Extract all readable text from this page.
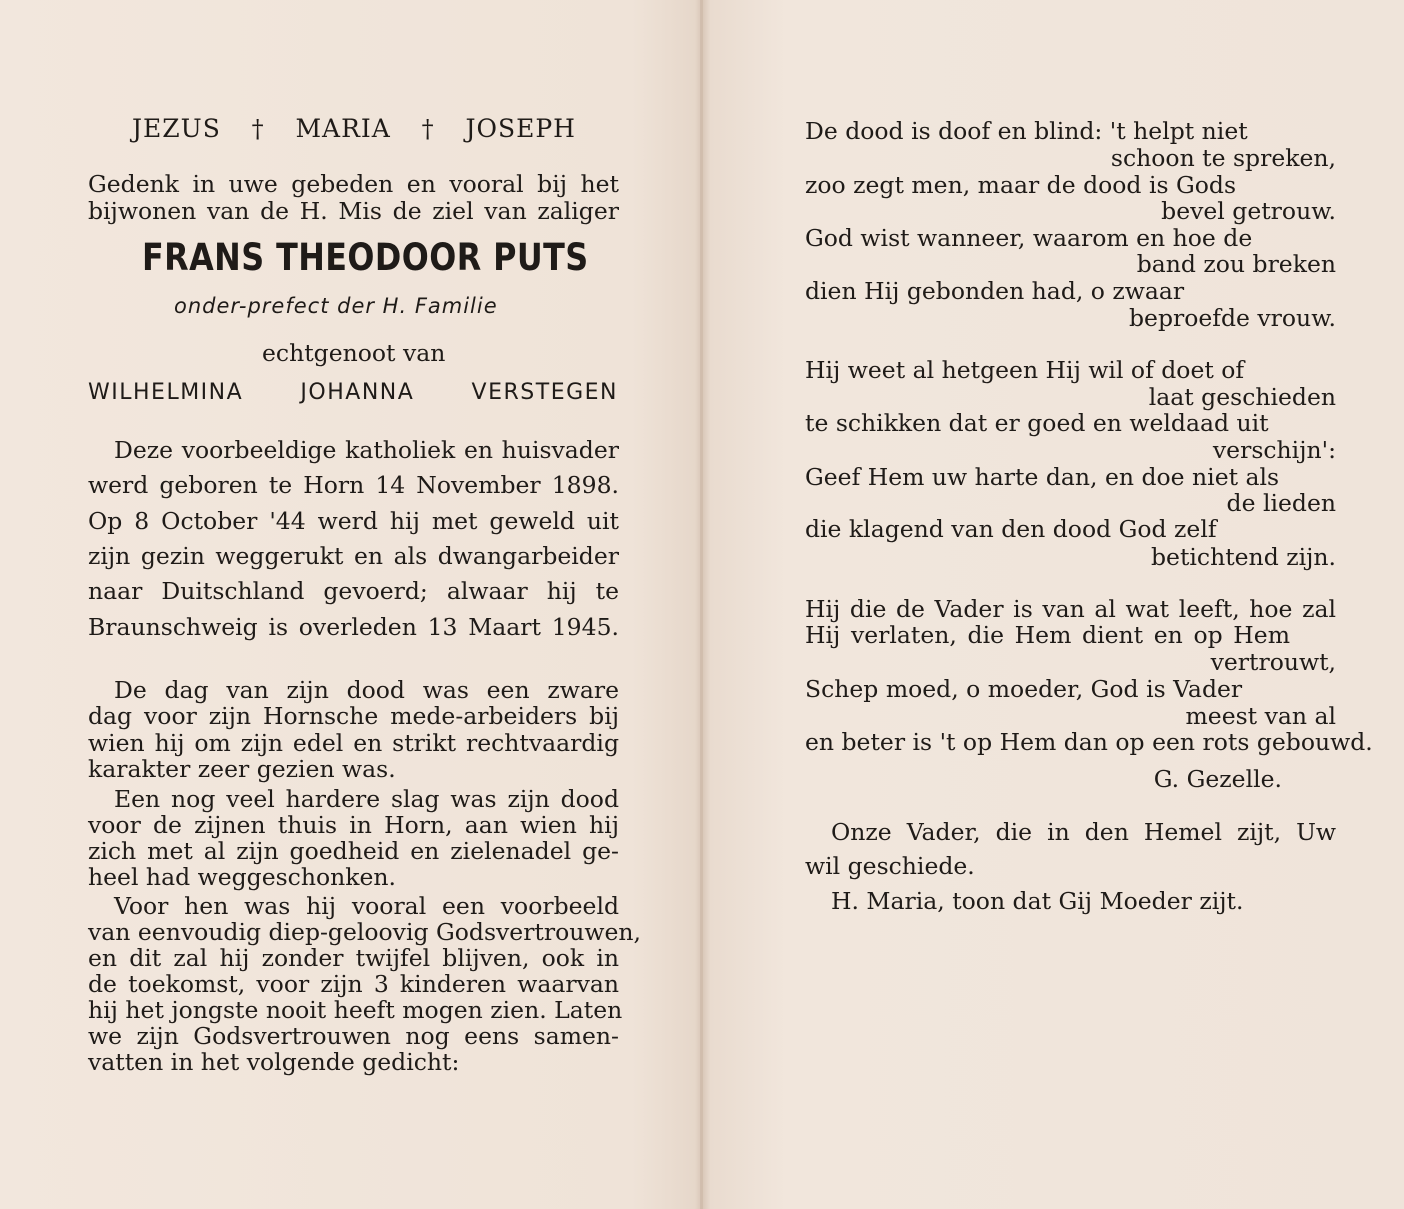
JEZUS † MARIA † JOSEPH
Gedenk in uwe gebeden en vooral bij het
bijwonen van de H. Mis de ziel van zaliger
FRANS THEODOOR PUTS
onder-prefect der H. Familie
echtgenoot van
WILHELMINA JOHANNA VERSTEGEN
Deze voorbeeldige katholiek en huisvader
werd geboren te Horn 14 November 1898.
Op 8 October '44 werd hij met geweld uit
zijn gezin weggerukt en als dwangarbeider
naar Duitschland gevoerd; alwaar hij te
Braunschweig is overleden 13 Maart 1945.
De dag van zijn dood was een zware
dag voor zijn Hornsche mede-arbeiders bij
wien hij om zijn edel en strikt rechtvaardig
karakter zeer gezien was.
Een nog veel hardere slag was zijn dood
voor de zijnen thuis in Horn, aan wien hij
zich met al zijn goedheid en zielenadel ge-
heel had weggeschonken.
Voor hen was hij vooral een voorbeeld
van eenvoudig diep-geloovig Godsvertrouwen,
en dit zal hij zonder twijfel blijven, ook in
de toekomst, voor zijn 3 kinderen waarvan
hij het jongste nooit heeft mogen zien. Laten
we zijn Godsvertrouwen nog eens samen-
vatten in het volgende gedicht:
De dood is doof en blind: 't helpt niet
schoon te spreken,
zoo zegt men, maar de dood is Gods
bevel getrouw.
God wist wanneer, waarom en hoe de
band zou breken
dien Hij gebonden had, o zwaar
beproefde vrouw.
Hij weet al hetgeen Hij wil of doet of
laat geschieden
te schikken dat er goed en weldaad uit
verschijn':
Geef Hem uw harte dan, en doe niet als
de lieden
die klagend van den dood God zelf
betichtend zijn.
Hij die de Vader is van al wat leeft, hoe zal
Hij verlaten, die Hem dient en op Hem
vertrouwt,
Schep moed, o moeder, God is Vader
meest van al
en beter is 't op Hem dan op een rots gebouwd.
G. Gezelle.
Onze Vader, die in den Hemel zijt, Uw
wil geschiede.
H. Maria, toon dat Gij Moeder zijt.
